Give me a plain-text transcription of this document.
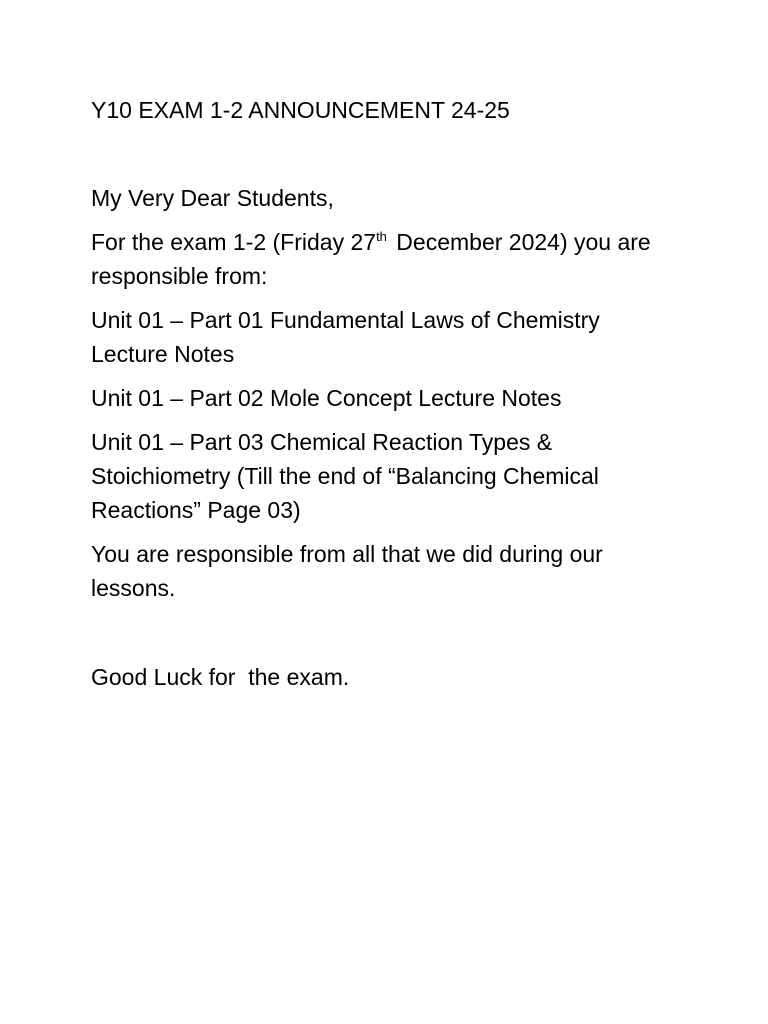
Y10 EXAM 1-2 ANNOUNCEMENT 24-25

My Very Dear Students,

For the exam 1-2 (Friday 27th December 2024) you are responsible from:

Unit 01 – Part 01 Fundamental Laws of Chemistry Lecture Notes

Unit 01 – Part 02 Mole Concept Lecture Notes

Unit 01 – Part 03 Chemical Reaction Types & Stoichiometry (Till the end of “Balancing Chemical Reactions” Page 03)

You are responsible from all that we did during our lessons.

Good Luck for  the exam.
